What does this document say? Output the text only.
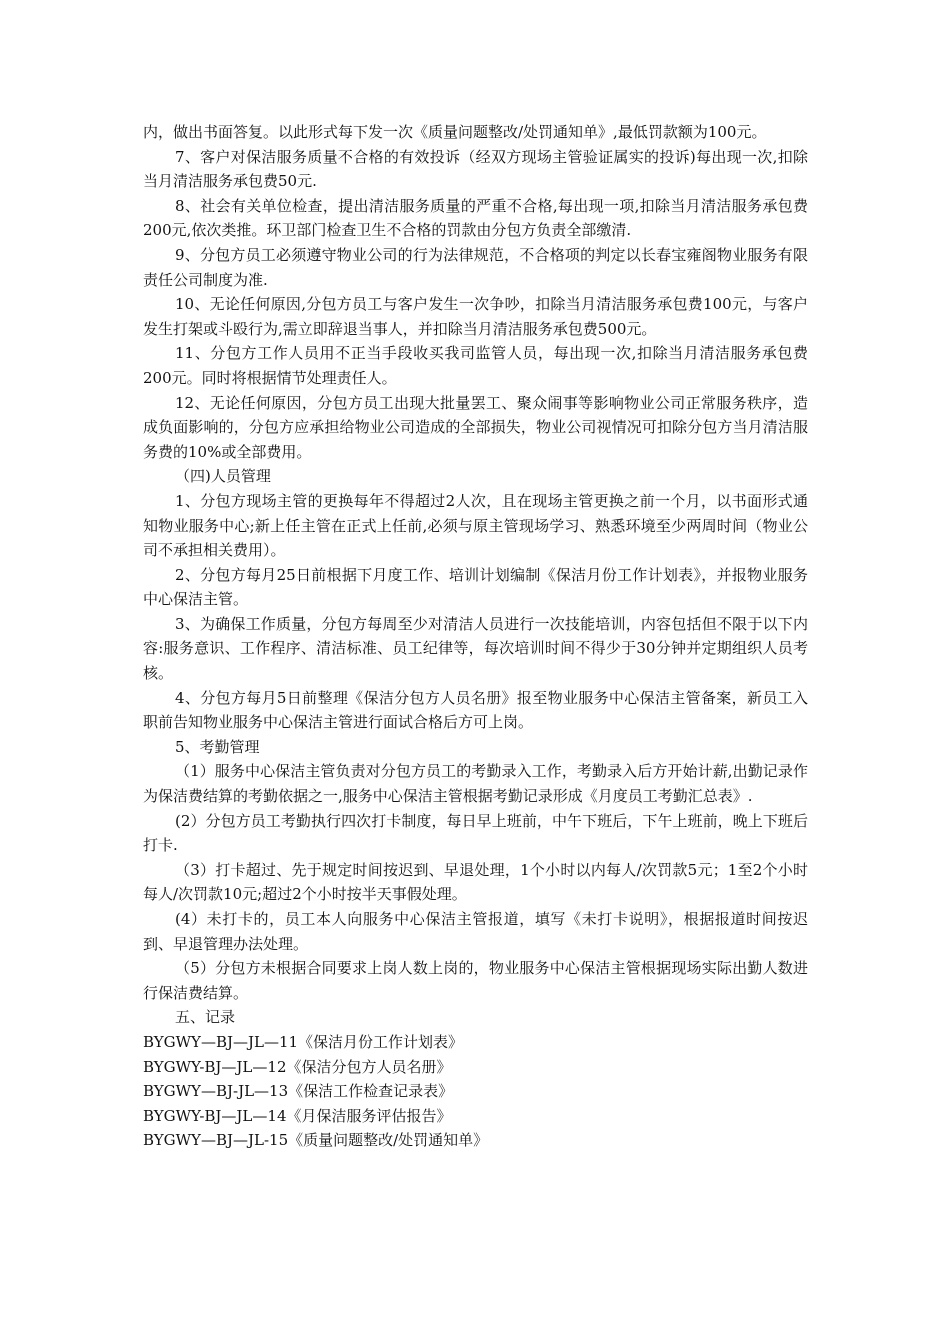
内，做出书面答复。以此形式每下发一次《质量问题整改/处罚通知单》,最低罚款额为100元。

7、客户对保洁服务质量不合格的有效投诉（经双方现场主管验证属实的投诉)每出现一次,扣除当月清洁服务承包费50元.

8、社会有关单位检查，提出清洁服务质量的严重不合格,每出现一项,扣除当月清洁服务承包费200元,依次类推。环卫部门检查卫生不合格的罚款由分包方负责全部缴清.

9、分包方员工必须遵守物业公司的行为法律规范，不合格项的判定以长春宝雍阁物业服务有限责任公司制度为准.

10、无论任何原因,分包方员工与客户发生一次争吵，扣除当月清洁服务承包费100元，与客户发生打架或斗殴行为,需立即辞退当事人，并扣除当月清洁服务承包费500元。

11、分包方工作人员用不正当手段收买我司监管人员，每出现一次,扣除当月清洁服务承包费200元。同时将根据情节处理责任人。

12、无论任何原因，分包方员工出现大批量罢工、聚众闹事等影响物业公司正常服务秩序，造成负面影响的，分包方应承担给物业公司造成的全部损失，物业公司视情况可扣除分包方当月清洁服务费的10%或全部费用。

（四)人员管理

1、分包方现场主管的更换每年不得超过2人次，且在现场主管更换之前一个月，以书面形式通知物业服务中心;新上任主管在正式上任前,必须与原主管现场学习、熟悉环境至少两周时间（物业公司不承担相关费用）。

2、分包方每月25日前根据下月度工作、培训计划编制《保洁月份工作计划表》，并报物业服务中心保洁主管。

3、为确保工作质量，分包方每周至少对清洁人员进行一次技能培训，内容包括但不限于以下内容:服务意识、工作程序、清洁标准、员工纪律等，每次培训时间不得少于30分钟并定期组织人员考核。

4、分包方每月5日前整理《保洁分包方人员名册》报至物业服务中心保洁主管备案，新员工入职前告知物业服务中心保洁主管进行面试合格后方可上岗。

5、考勤管理

（1）服务中心保洁主管负责对分包方员工的考勤录入工作，考勤录入后方开始计薪,出勤记录作为保洁费结算的考勤依据之一,服务中心保洁主管根据考勤记录形成《月度员工考勤汇总表》.

(2）分包方员工考勤执行四次打卡制度，每日早上班前，中午下班后，下午上班前，晚上下班后打卡.

（3）打卡超过、先于规定时间按迟到、早退处理，1个小时以内每人/次罚款5元；1至2个小时每人/次罚款10元;超过2个小时按半天事假处理。

(4）未打卡的，员工本人向服务中心保洁主管报道，填写《未打卡说明》，根据报道时间按迟到、早退管理办法处理。

（5）分包方未根据合同要求上岗人数上岗的，物业服务中心保洁主管根据现场实际出勤人数进行保洁费结算。

五、记录

BYGWY—BJ—JL—11《保洁月份工作计划表》

BYGWY-BJ—JL—12《保洁分包方人员名册》

BYGWY—BJ-JL—13《保洁工作检查记录表》

BYGWY-BJ—JL—14《月保洁服务评估报告》

BYGWY—BJ—JL-15《质量问题整改/处罚通知单》
